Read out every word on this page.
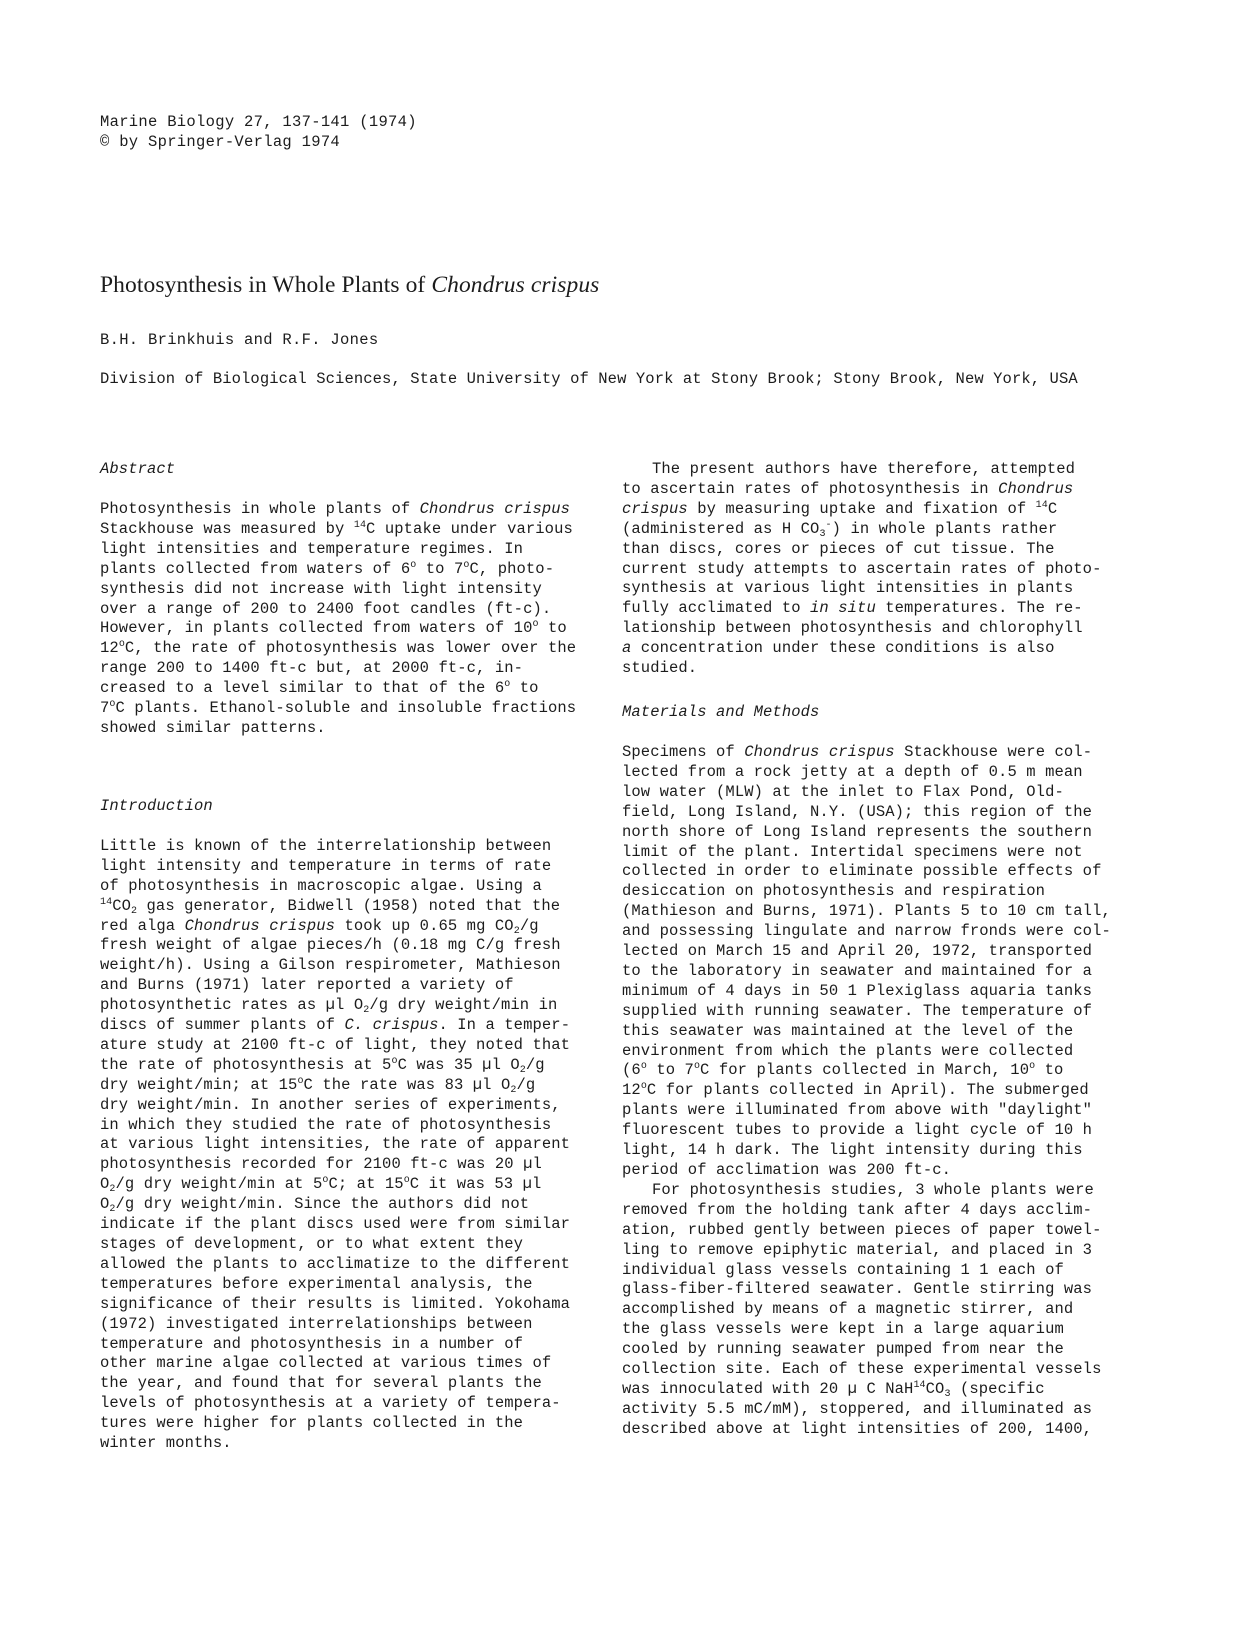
Marine Biology 27, 137-141 (1974)
© by Springer-Verlag 1974
Photosynthesis in Whole Plants of Chondrus crispus
B.H. Brinkhuis and R.F. Jones
Division of Biological Sciences, State University of New York at Stony Brook; Stony Brook, New York, USA
Abstract

Photosynthesis in whole plants of Chondrus crispus
Stackhouse was measured by $^{14}$C uptake under various
light intensities and temperature regimes. In
plants collected from waters of 6$^o$ to 7$^o$C, photo-
synthesis did not increase with light intensity
over a range of 200 to 2400 foot candles (ft-c).
However, in plants collected from waters of 10$^o$ to
12$^o$C, the rate of photosynthesis was lower over the
range 200 to 1400 ft-c but, at 2000 ft-c, in-
creased to a level similar to that of the 6$^o$ to
7$^o$C plants. Ethanol-soluble and insoluble fractions
showed similar patterns.

Introduction

Little is known of the interrelationship between
light intensity and temperature in terms of rate
of photosynthesis in macroscopic algae. Using a
$^{14}CO_2$ gas generator, Bidwell (1958) noted that the
red alga Chondrus crispus took up 0.65 mg $CO_2/g$
fresh weight of algae pieces/h (0.18 mg C/g fresh
weight/h). Using a Gilson respirometer, Mathieson
and Burns (1971) later reported a variety of
photosynthetic rates as µl $O_2/g$ dry weight/min in
discs of summer plants of C. crispus. In a temper-
ature study at 2100 ft-c of light, they noted that
the rate of photosynthesis at 5$^o$C was 35 µl $O_2/g$
dry weight/min; at 15$^o$C the rate was 83 µl $O_2/g$
dry weight/min. In another series of experiments,
in which they studied the rate of photosynthesis
at various light intensities, the rate of apparent
photosynthesis recorded for 2100 ft-c was 20 µl
$O_2/g$ dry weight/min at 5$^o$C; at 15$^o$C it was 53 µl
$O_2/g$ dry weight/min. Since the authors did not
indicate if the plant discs used were from similar
stages of development, or to what extent they
allowed the plants to acclimatize to the different
temperatures before experimental analysis, the
significance of their results is limited. Yokohama
(1972) investigated interrelationships between
temperature and photosynthesis in a number of
other marine algae collected at various times of
the year, and found that for several plants the
levels of photosynthesis at a variety of tempera-
tures were higher for plants collected in the
winter months.

The present authors have therefore, attempted
to ascertain rates of photosynthesis in Chondrus
crispus by measuring uptake and fixation of $^{14}$C
(administered as H $CO_3^-$) in whole plants rather
than discs, cores or pieces of cut tissue. The
current study attempts to ascertain rates of photo-
synthesis at various light intensities in plants
fully acclimated to in situ temperatures. The re-
lationship between photosynthesis and chlorophyll
a concentration under these conditions is also
studied.

Materials and Methods

Specimens of Chondrus crispus Stackhouse were col-
lected from a rock jetty at a depth of 0.5 m mean
low water (MLW) at the inlet to Flax Pond, Old-
field, Long Island, N.Y. (USA); this region of the
north shore of Long Island represents the southern
limit of the plant. Intertidal specimens were not
collected in order to eliminate possible effects of
desiccation on photosynthesis and respiration
(Mathieson and Burns, 1971). Plants 5 to 10 cm tall,
and possessing lingulate and narrow fronds were col-
lected on March 15 and April 20, 1972, transported
to the laboratory in seawater and maintained for a
minimum of 4 days in 50 1 Plexiglass aquaria tanks
supplied with running seawater. The temperature of
this seawater was maintained at the level of the
environment from which the plants were collected
(6$^o$ to 7$^o$C for plants collected in March, 10$^o$ to
12$^o$C for plants collected in April). The submerged
plants were illuminated from above with "daylight"
fluorescent tubes to provide a light cycle of 10 h
light, 14 h dark. The light intensity during this
period of acclimation was 200 ft-c.

For photosynthesis studies, 3 whole plants were
removed from the holding tank after 4 days acclim-
ation, rubbed gently between pieces of paper towel-
ling to remove epiphytic material, and placed in 3
individual glass vessels containing 1 1 each of
glass-fiber-filtered seawater. Gentle stirring was
accomplished by means of a magnetic stirrer, and
the glass vessels were kept in a large aquarium
cooled by running seawater pumped from near the
collection site. Each of these experimental vessels
was innoculated with 20 µ C $NaH^{14}CO_3$ (specific
activity 5.5 mC/mM), stoppered, and illuminated as
described above at light intensities of 200, 1400,
